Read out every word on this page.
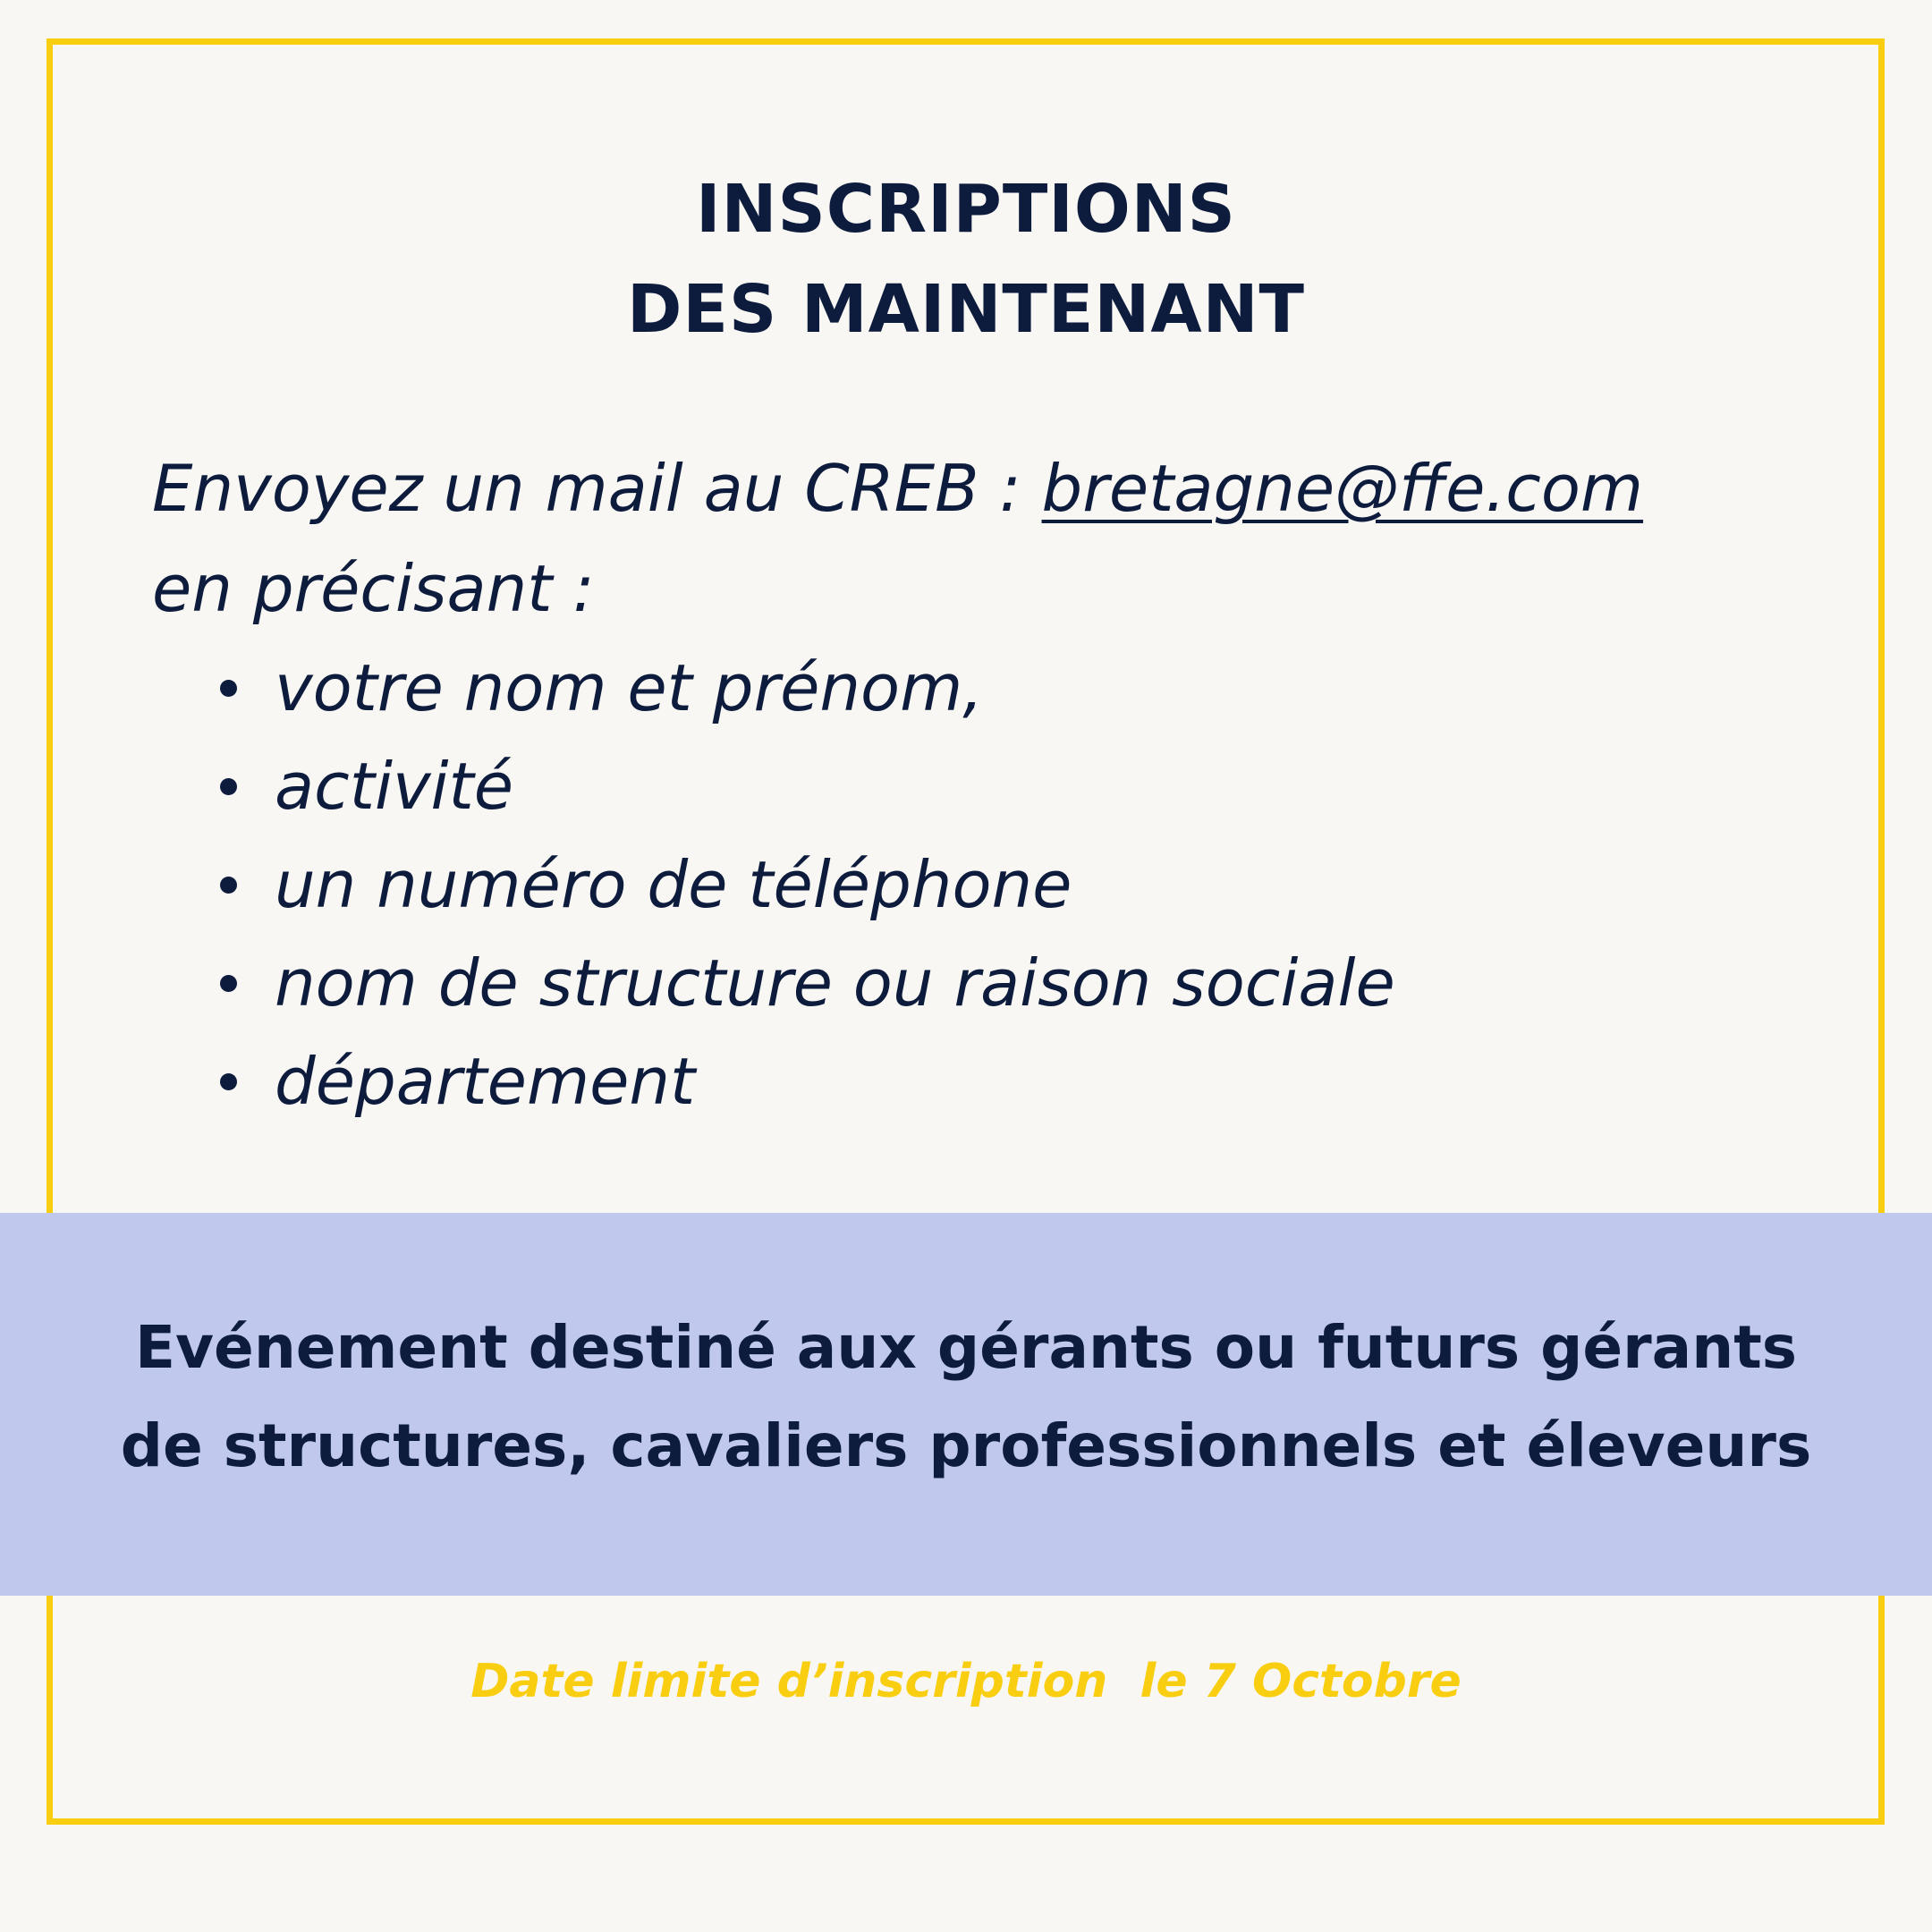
INSCRIPTIONS
DES MAINTENANT
Envoyez un mail au CREB : bretagne@ffe.com
en précisant :
votre nom et prénom,
activité
un numéro de téléphone
nom de structure ou raison sociale
département
Evénement destiné aux gérants ou futurs gérants
de structures, cavaliers professionnels et éleveurs
Date limite d’inscription  le 7 Octobre
